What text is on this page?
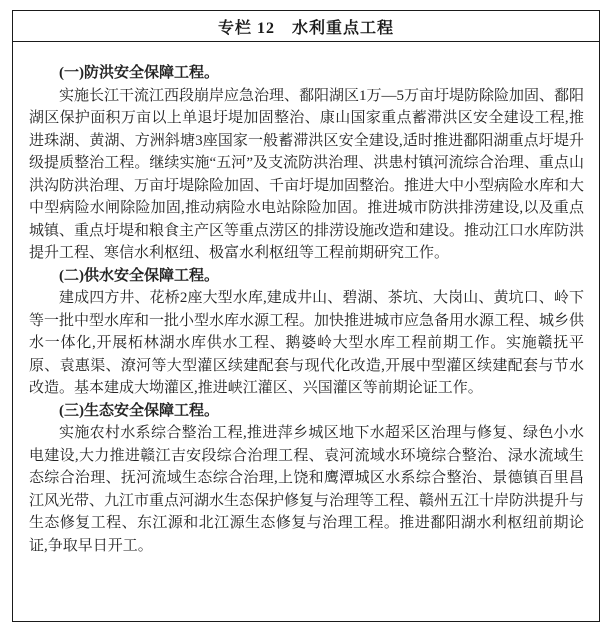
专栏 12　水利重点工程

(一)防洪安全保障工程。

实施长江干流江西段崩岸应急治理、鄱阳湖区1万—5万亩圩堤防除险加固、鄱阳湖区保护面积万亩以上单退圩堤加固整治、康山国家重点蓄滞洪区安全建设工程,推进珠湖、黄湖、方洲斜塘3座国家一般蓄滞洪区安全建设,适时推进鄱阳湖重点圩堤升级提质整治工程。继续实施“五河”及支流防洪治理、洪患村镇河流综合治理、重点山洪沟防洪治理、万亩圩堤除险加固、千亩圩堤加固整治。推进大中小型病险水库和大中型病险水闸除险加固,推动病险水电站除险加固。推进城市防洪排涝建设,以及重点城镇、重点圩堤和粮食主产区等重点涝区的排涝设施改造和建设。推动江口水库防洪提升工程、寒信水利枢纽、极富水利枢纽等工程前期研究工作。

(二)供水安全保障工程。

建成四方井、花桥2座大型水库,建成井山、碧湖、茶坑、大岗山、黄坑口、岭下等一批中型水库和一批小型水库水源工程。加快推进城市应急备用水源工程、城乡供水一体化,开展柘林湖水库供水工程、鹅婆岭大型水库工程前期工作。实施赣抚平原、袁惠渠、潦河等大型灌区续建配套与现代化改造,开展中型灌区续建配套与节水改造。基本建成大坳灌区,推进峡江灌区、兴国灌区等前期论证工作。

(三)生态安全保障工程。

实施农村水系综合整治工程,推进萍乡城区地下水超采区治理与修复、绿色小水电建设,大力推进赣江吉安段综合治理工程、袁河流域水环境综合整治、渌水流域生态综合治理、抚河流域生态综合治理,上饶和鹰潭城区水系综合整治、景德镇百里昌江风光带、九江市重点河湖水生态保护修复与治理等工程、赣州五江十岸防洪提升与生态修复工程、东江源和北江源生态修复与治理工程。推进鄱阳湖水利枢纽前期论证,争取早日开工。
